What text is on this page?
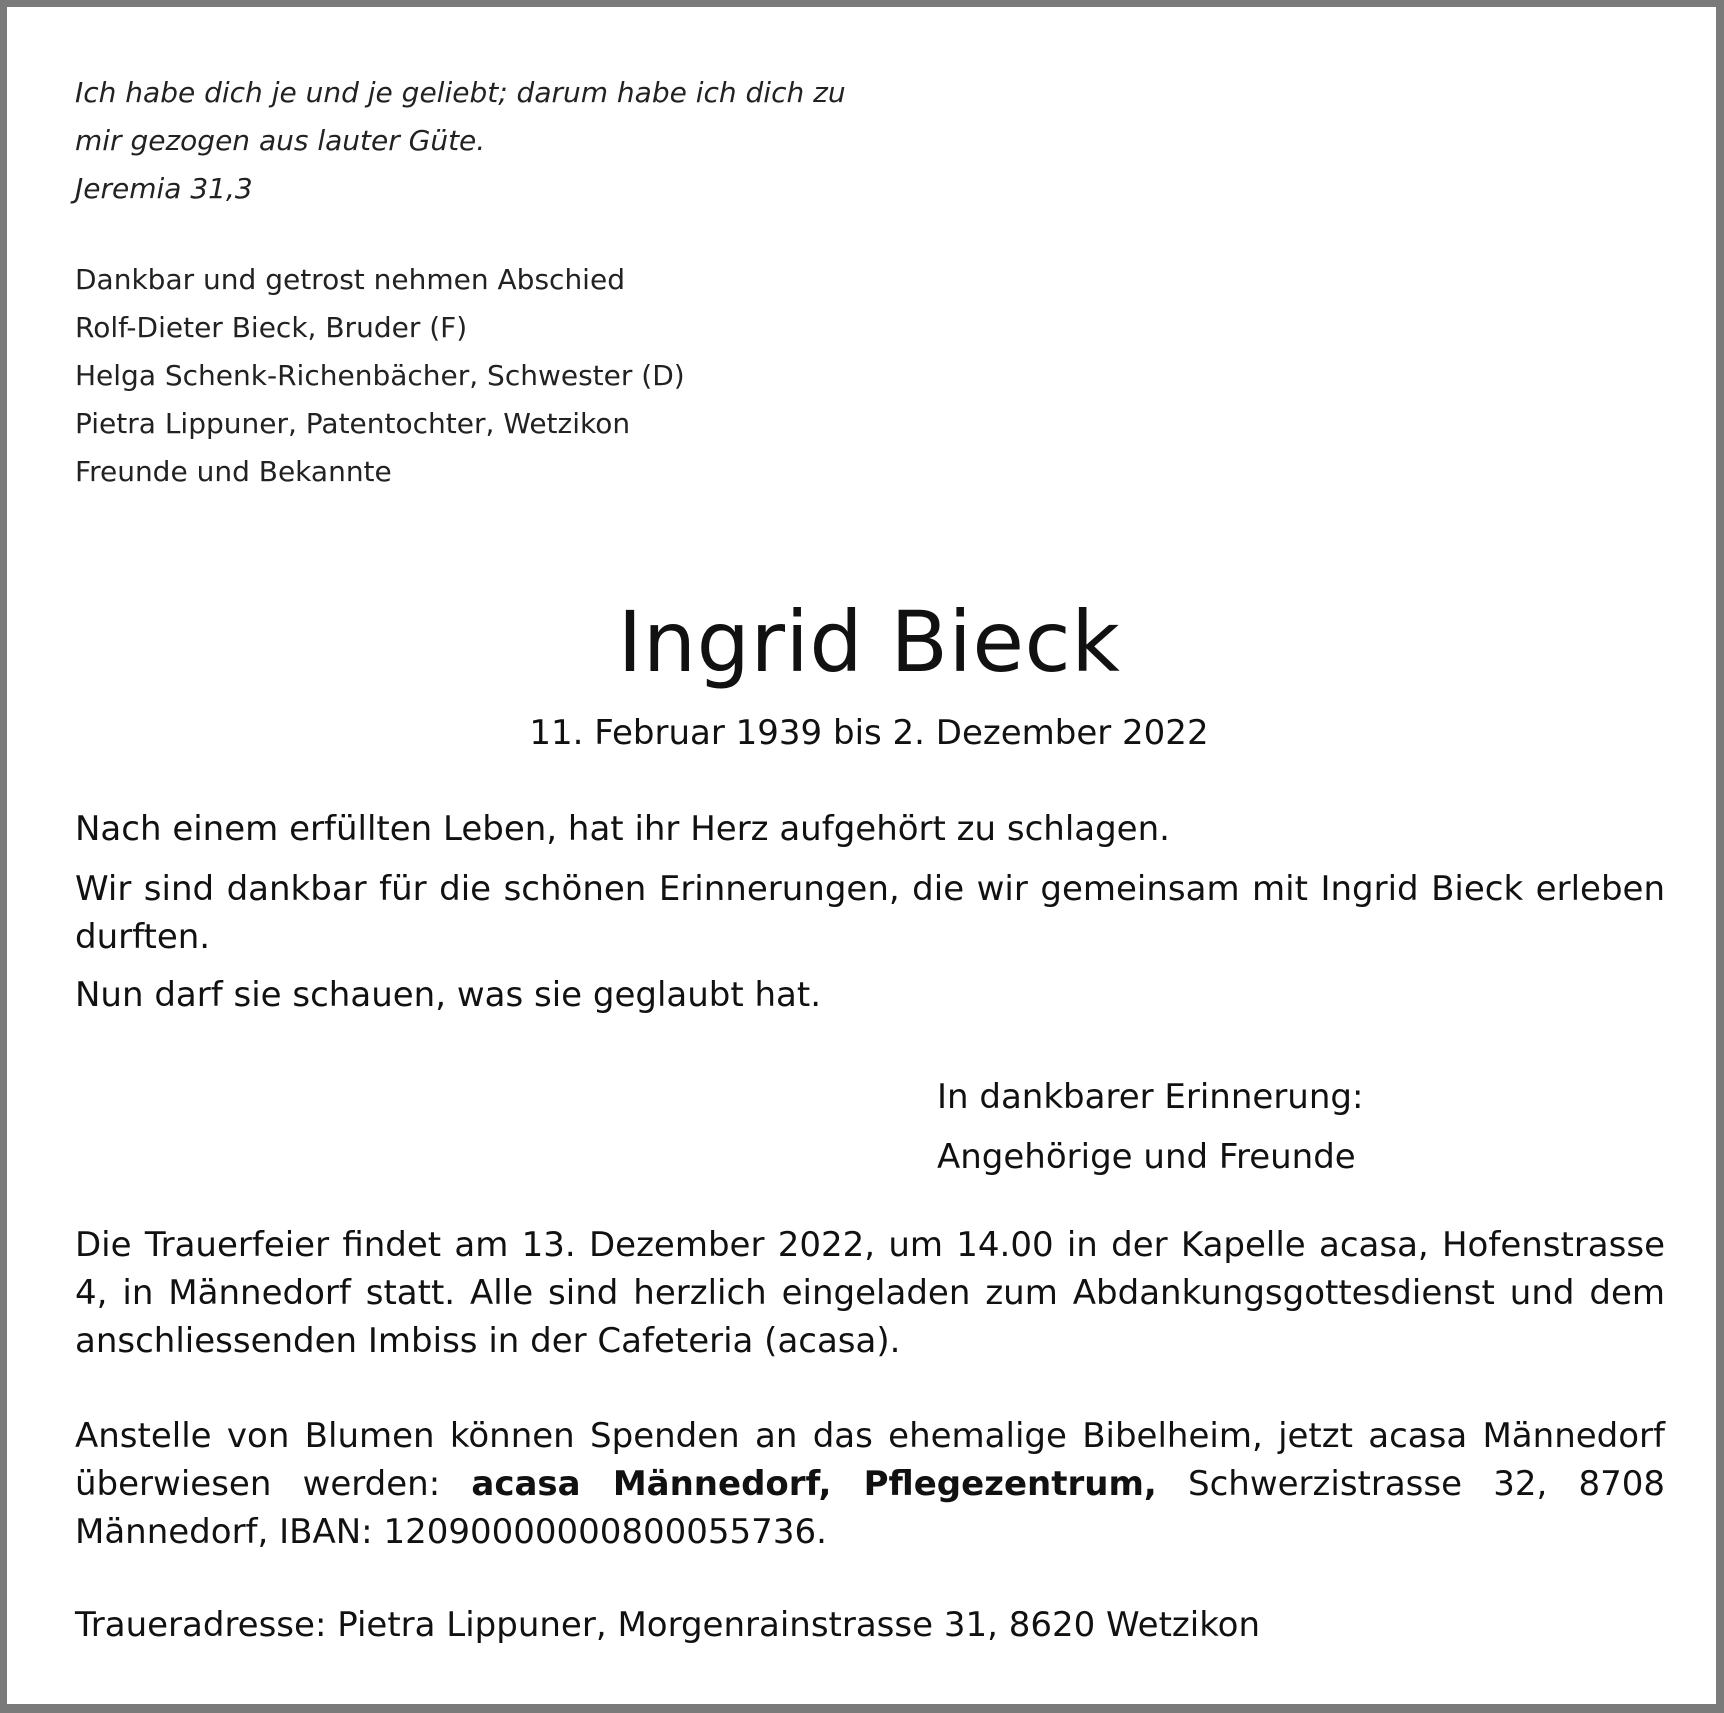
Ich habe dich je und je geliebt; darum habe ich dich zu
mir gezogen aus lauter Güte.
Jeremia 31,3
Dankbar und getrost nehmen Abschied
Rolf-Dieter Bieck, Bruder (F)
Helga Schenk-Richenbächer, Schwester (D)
Pietra Lippuner, Patentochter, Wetzikon
Freunde und Bekannte
Ingrid Bieck
11. Februar 1939 bis 2. Dezember 2022
Nach einem erfüllten Leben, hat ihr Herz aufgehört zu schlagen.
Wir sind dankbar für die schönen Erinnerungen, die wir gemeinsam mit Ingrid Bieck erleben durften.
Nun darf sie schauen, was sie geglaubt hat.
In dankbarer Erinnerung:
Angehörige und Freunde
Die Trauerfeier findet am 13. Dezember 2022, um 14.00 in der Kapelle acasa, Hofenstrasse 4, in Männedorf statt. Alle sind herzlich eingeladen zum Abdankungsgottesdienst und dem anschliessenden Imbiss in der Cafeteria (acasa).
Anstelle von Blumen können Spenden an das ehemalige Bibelheim, jetzt acasa Männedorf überwiesen werden: acasa Männedorf, Pflegezentrum, Schwerzistrasse 32, 8708 Männedorf, IBAN: 12090000000800055736.
Traueradresse: Pietra Lippuner, Morgenrainstrasse 31, 8620 Wetzikon
